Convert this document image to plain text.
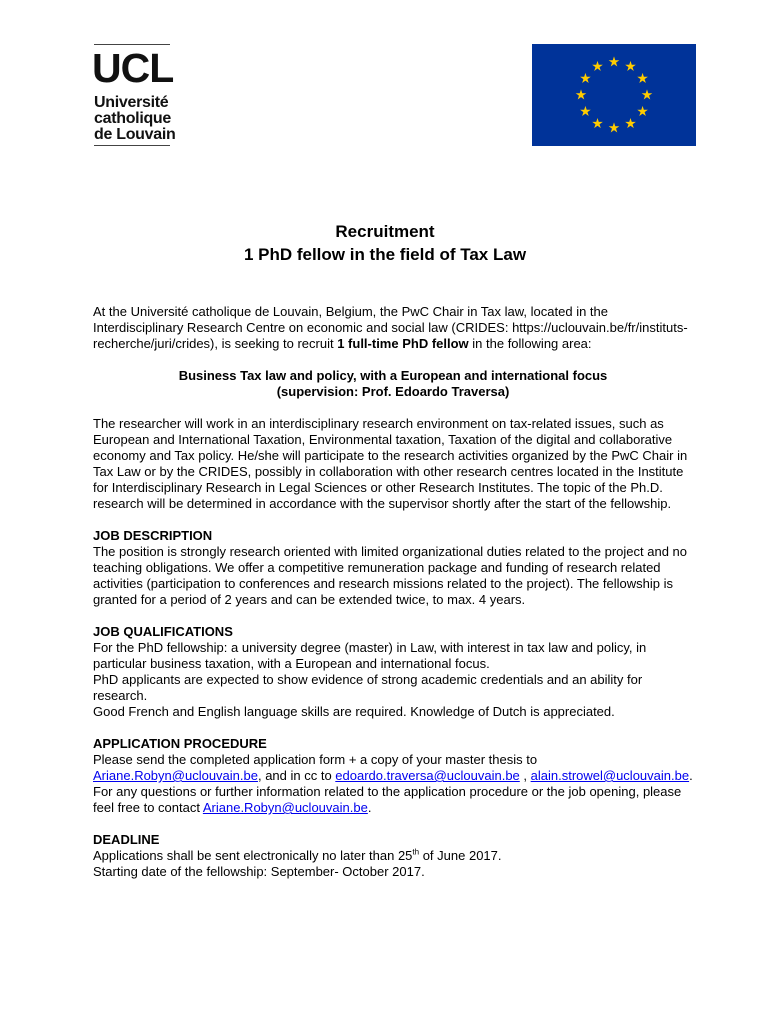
UCL
Université
catholique
de Louvain
Recruitment
1 PhD fellow in the field of Tax Law

At the Université catholique de Louvain, Belgium, the PwC Chair in Tax law, located in the Interdisciplinary Research Centre on economic and social law (CRIDES: https://uclouvain.be/fr/instituts-recherche/juri/crides), is seeking to recruit 1 full-time PhD fellow in the following area:

Business Tax law and policy, with a European and international focus

(supervision: Prof. Edoardo Traversa)

The researcher will work in an interdisciplinary research environment on tax-related issues, such as European and International Taxation, Environmental taxation, Taxation of the digital and collaborative economy and Tax policy. He/she will participate to the research activities organized by the PwC Chair in Tax Law or by the CRIDES, possibly in collaboration with other research centres located in the Institute for Interdisciplinary Research in Legal Sciences or other Research Institutes. The topic of the Ph.D. research will be determined in accordance with the supervisor shortly after the start of the fellowship.

JOB DESCRIPTION

The position is strongly research oriented with limited organizational duties related to the project and no teaching obligations. We offer a competitive remuneration package and funding of research related activities (participation to conferences and research missions related to the project). The fellowship is granted for a period of 2 years and can be extended twice, to max. 4 years.

JOB QUALIFICATIONS

For the PhD fellowship: a university degree (master) in Law, with interest in tax law and policy, in particular business taxation, with a European and international focus.

PhD applicants are expected to show evidence of strong academic credentials and an ability for research.

Good French and English language skills are required. Knowledge of Dutch is appreciated.

APPLICATION PROCEDURE

Please send the completed application form + a copy of your master thesis to

Ariane.Robyn@uclouvain.be, and in cc to edoardo.traversa@uclouvain.be , alain.strowel@uclouvain.be.

For any questions or further information related to the application procedure or the job opening, please feel free to contact Ariane.Robyn@uclouvain.be.

DEADLINE

Applications shall be sent electronically no later than 25th of June 2017.

Starting date of the fellowship: September- October 2017.
